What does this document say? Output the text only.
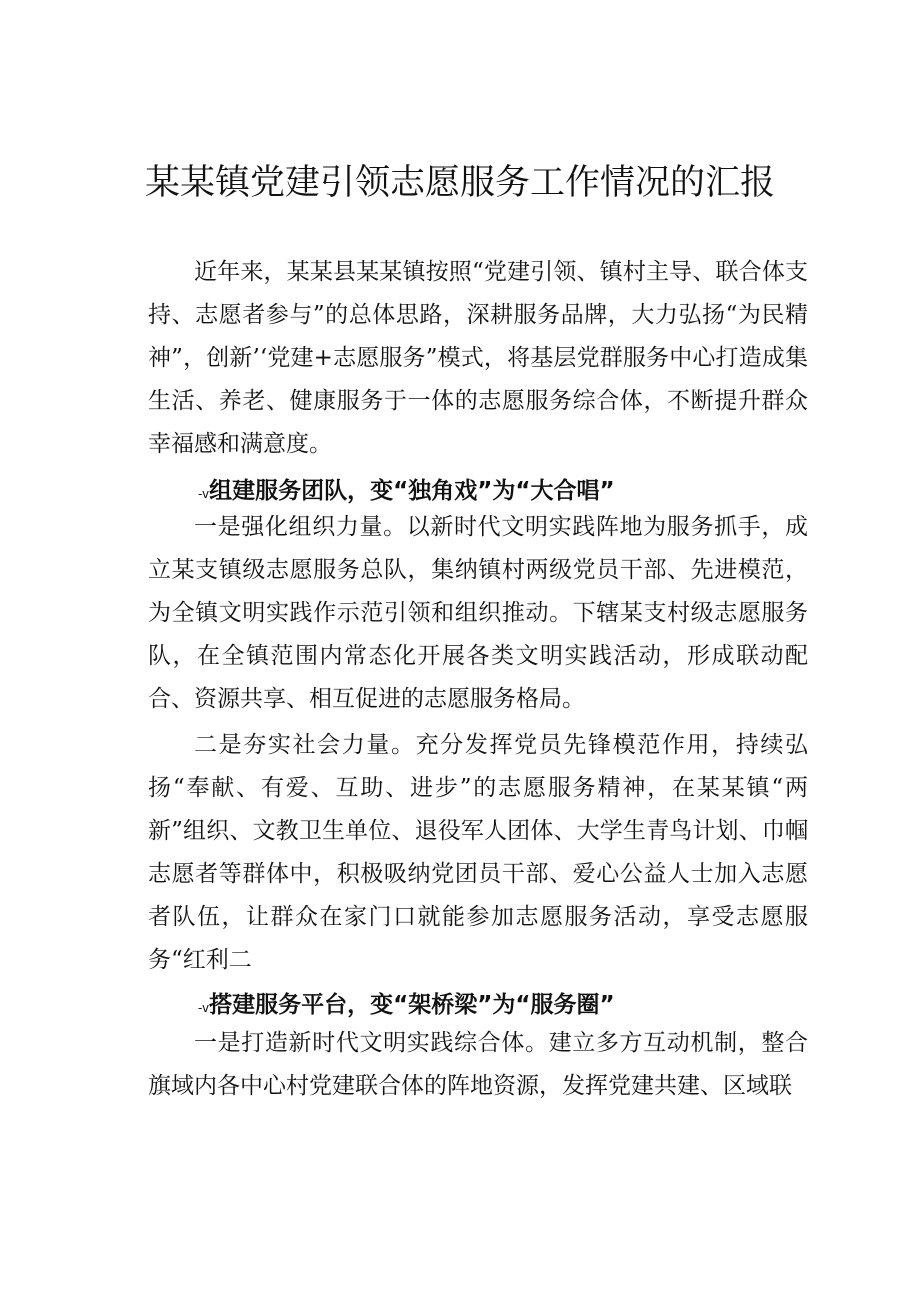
某某镇党建引领志愿服务工作情况的汇报

近年来，某某县某某镇按照“党建引领、镇村主导、联合体支持、志愿者参与”的总体思路，深耕服务品牌，大力弘扬“为民精神”，创新’‘党建+志愿服务”模式，将基层党群服务中心打造成集生活、养老、健康服务于一体的志愿服务综合体，不断提升群众幸福感和满意度。

-v组建服务团队，变“独角戏”为“大合唱”

一是强化组织力量。以新时代文明实践阵地为服务抓手，成立某支镇级志愿服务总队，集纳镇村两级党员干部、先进模范，为全镇文明实践作示范引领和组织推动。下辖某支村级志愿服务队，在全镇范围内常态化开展各类文明实践活动，形成联动配合、资源共享、相互促进的志愿服务格局。

二是夯实社会力量。充分发挥党员先锋模范作用，持续弘扬“奉献、有爱、互助、进步”的志愿服务精神，在某某镇“两新”组织、文教卫生单位、退役军人团体、大学生青鸟计划、巾帼志愿者等群体中，积极吸纳党团员干部、爱心公益人士加入志愿者队伍，让群众在家门口就能参加志愿服务活动，享受志愿服务“红利二

-v搭建服务平台，变“架桥梁”为“服务圈”

一是打造新时代文明实践综合体。建立多方互动机制，整合旗域内各中心村党建联合体的阵地资源，发挥党建共建、区域联
